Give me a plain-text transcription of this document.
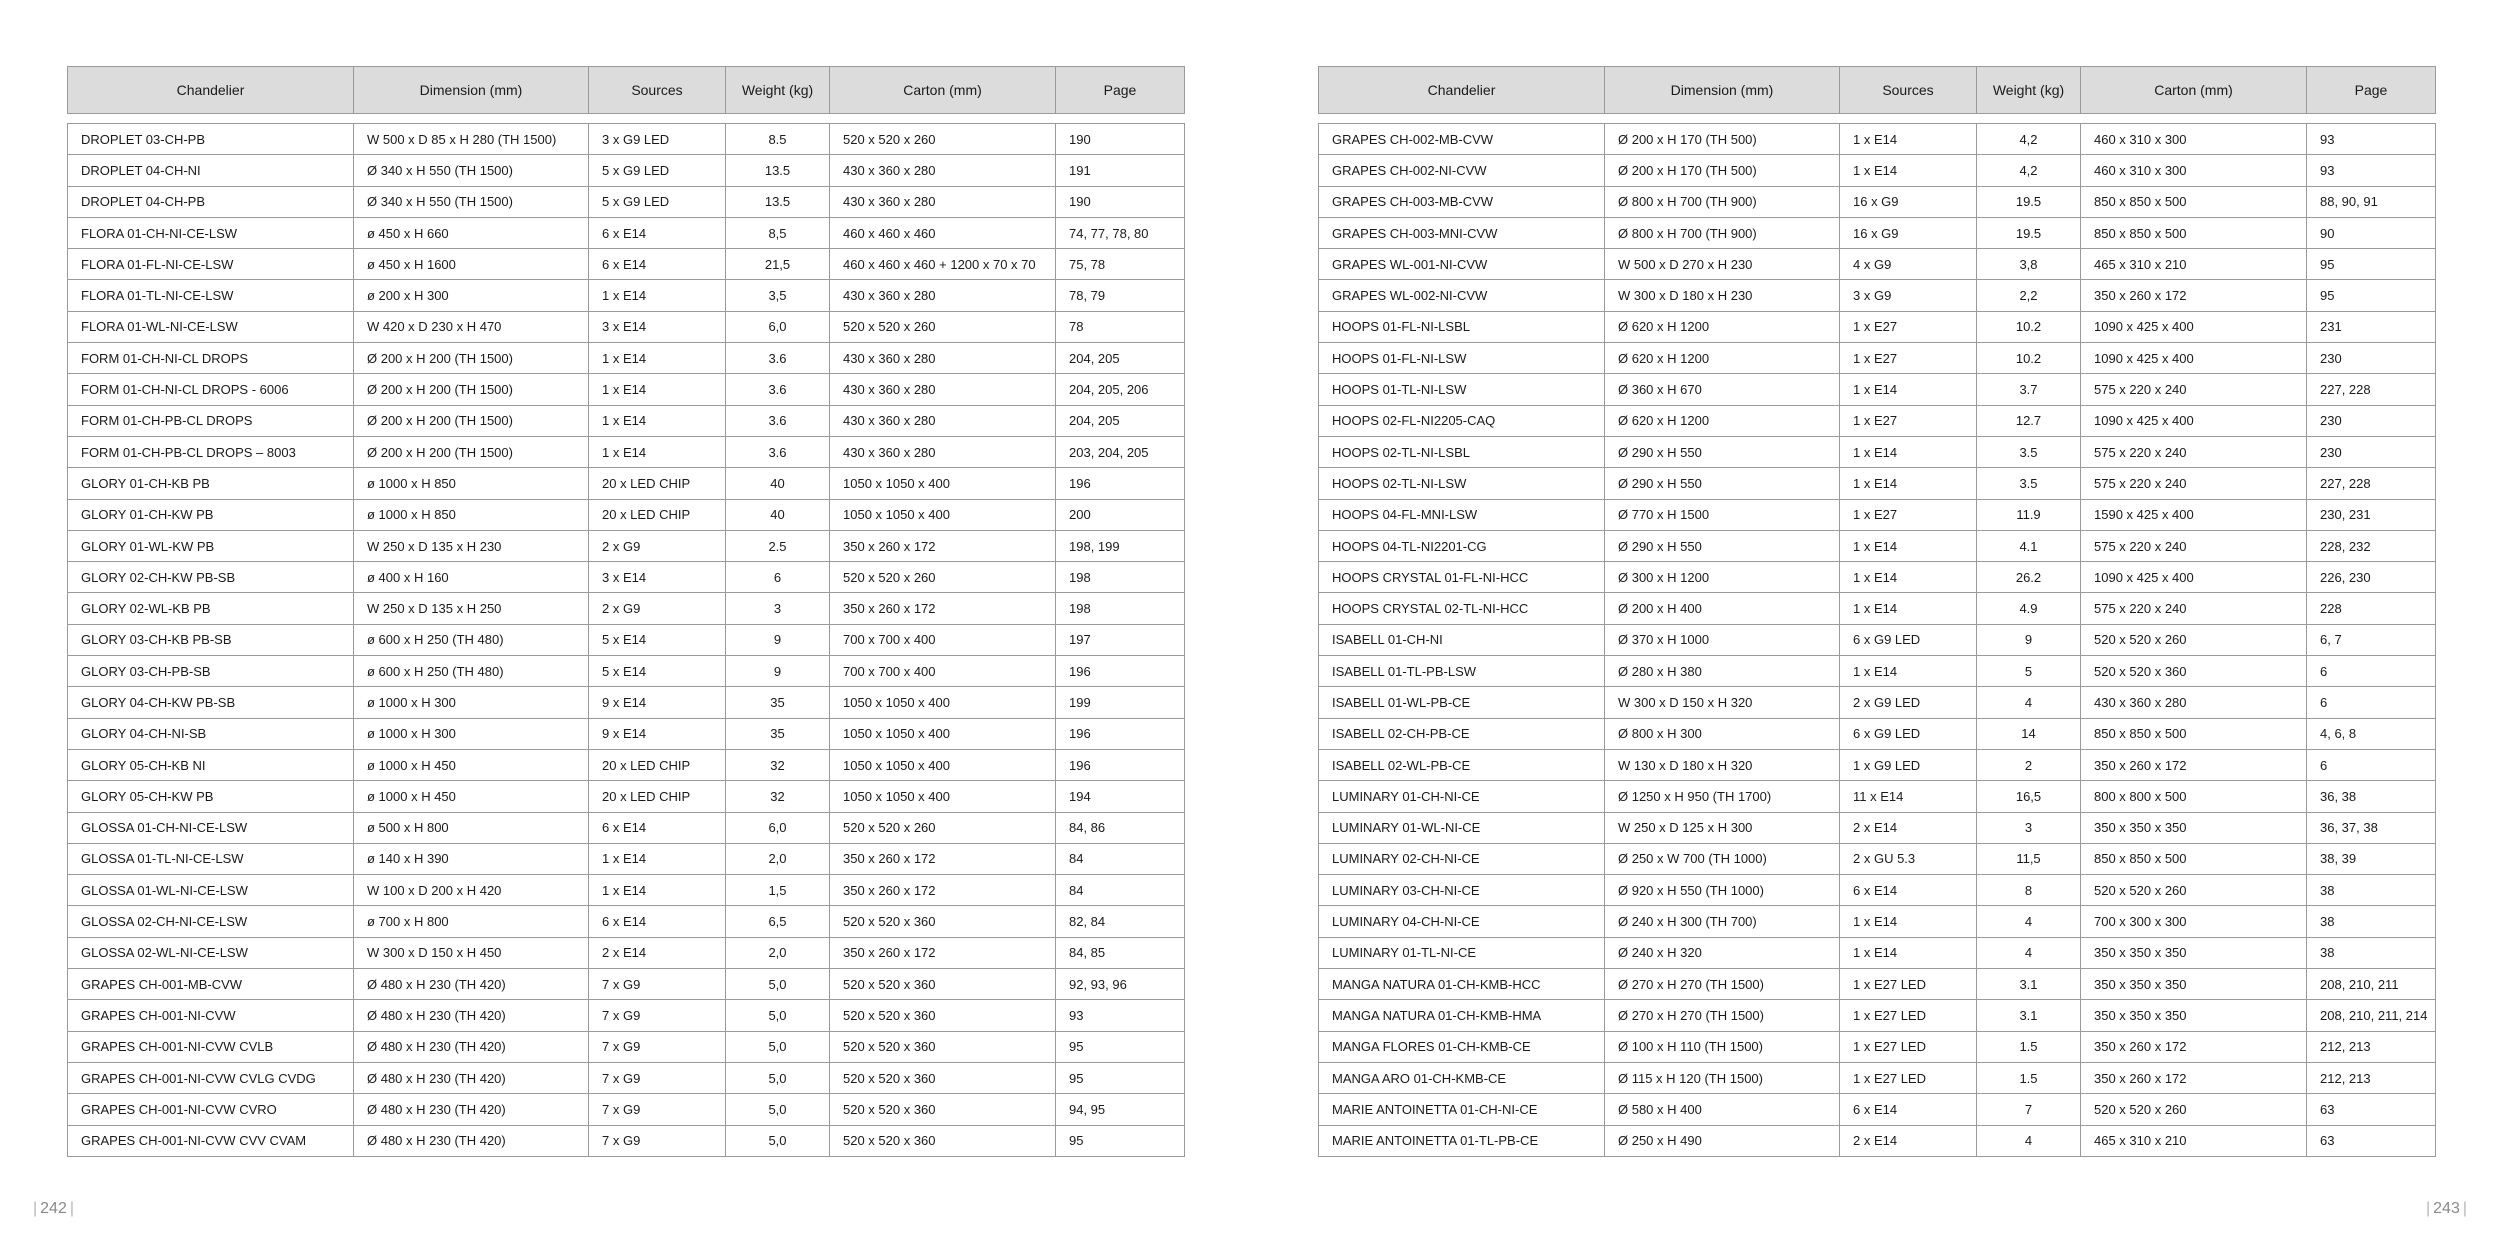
Chandelier	Dimension (mm)	Sources	Weight (kg)	Carton (mm)	Page

DROPLET 03-CH-PB	W 500 x D 85 x H 280 (TH 1500)	3 x G9 LED	8.5	520 x 520 x 260	190
DROPLET 04-CH-NI	Ø 340 x H 550 (TH 1500)	5 x G9 LED	13.5	430 x 360 x 280	191
DROPLET 04-CH-PB	Ø 340 x H 550 (TH 1500)	5 x G9 LED	13.5	430 x 360 x 280	190
FLORA 01-CH-NI-CE-LSW	ø 450 x H 660	6 x E14	8,5	460 x 460 x 460	74, 77, 78, 80
FLORA 01-FL-NI-CE-LSW	ø 450 x H 1600	6 x E14	21,5	460 x 460 x 460 + 1200 x 70 x 70	75, 78
FLORA 01-TL-NI-CE-LSW	ø 200 x H 300	1 x E14	3,5	430 x 360 x 280	78, 79
FLORA 01-WL-NI-CE-LSW	W 420 x D 230 x H 470	3 x E14	6,0	520 x 520 x 260	78
FORM 01-CH-NI-CL DROPS	Ø 200 x H 200 (TH 1500)	1 x E14	3.6	430 x 360 x 280	204, 205
FORM 01-CH-NI-CL DROPS - 6006	Ø 200 x H 200 (TH 1500)	1 x E14	3.6	430 x 360 x 280	204, 205, 206
FORM 01-CH-PB-CL DROPS	Ø 200 x H 200 (TH 1500)	1 x E14	3.6	430 x 360 x 280	204, 205
FORM 01-CH-PB-CL DROPS – 8003	Ø 200 x H 200 (TH 1500)	1 x E14	3.6	430 x 360 x 280	203, 204, 205
GLORY 01-CH-KB PB	ø 1000 x H 850	20 x LED CHIP	40	1050 x 1050 x 400	196
GLORY 01-CH-KW PB	ø 1000 x H 850	20 x LED CHIP	40	1050 x 1050 x 400	200
GLORY 01-WL-KW PB	W 250 x D 135 x H 230	2 x G9	2.5	350 x 260 x 172	198, 199
GLORY 02-CH-KW PB-SB	ø 400 x H 160	3 x E14	6	520 x 520 x 260	198
GLORY 02-WL-KB PB	W 250 x D 135 x H 250	2 x G9	3	350 x 260 x 172	198
GLORY 03-CH-KB PB-SB	ø 600 x H 250 (TH 480)	5 x E14	9	700 x 700 x 400	197
GLORY 03-CH-PB-SB	ø 600 x H 250 (TH 480)	5 x E14	9	700 x 700 x 400	196
GLORY 04-CH-KW PB-SB	ø 1000 x H 300	9 x E14	35	1050 x 1050 x 400	199
GLORY 04-CH-NI-SB	ø 1000 x H 300	9 x E14	35	1050 x 1050 x 400	196
GLORY 05-CH-KB NI	ø 1000 x H 450	20 x LED CHIP	32	1050 x 1050 x 400	196
GLORY 05-CH-KW PB	ø 1000 x H 450	20 x LED CHIP	32	1050 x 1050 x 400	194
GLOSSA 01-CH-NI-CE-LSW	ø 500 x H 800	6 x E14	6,0	520 x 520 x 260	84, 86
GLOSSA 01-TL-NI-CE-LSW	ø 140 x H 390	1 x E14	2,0	350 x 260 x 172	84
GLOSSA 01-WL-NI-CE-LSW	W 100 x D 200 x H 420	1 x E14	1,5	350 x 260 x 172	84
GLOSSA 02-CH-NI-CE-LSW	ø 700 x H 800	6 x E14	6,5	520 x 520 x 360	82, 84
GLOSSA 02-WL-NI-CE-LSW	W 300 x D 150 x H 450	2 x E14	2,0	350 x 260 x 172	84, 85
GRAPES CH-001-MB-CVW	Ø 480 x H 230 (TH 420)	7 x G9	5,0	520 x 520 x 360	92, 93, 96
GRAPES CH-001-NI-CVW	Ø 480 x H 230 (TH 420)	7 x G9	5,0	520 x 520 x 360	93
GRAPES CH-001-NI-CVW CVLB	Ø 480 x H 230 (TH 420)	7 x G9	5,0	520 x 520 x 360	95
GRAPES CH-001-NI-CVW CVLG CVDG	Ø 480 x H 230 (TH 420)	7 x G9	5,0	520 x 520 x 360	95
GRAPES CH-001-NI-CVW CVRO	Ø 480 x H 230 (TH 420)	7 x G9	5,0	520 x 520 x 360	94, 95
GRAPES CH-001-NI-CVW CVV CVAM	Ø 480 x H 230 (TH 420)	7 x G9	5,0	520 x 520 x 360	95
Chandelier	Dimension (mm)	Sources	Weight (kg)	Carton (mm)	Page

GRAPES CH-002-MB-CVW	Ø 200 x H 170 (TH 500)	1 x E14	4,2	460 x 310 x 300	93
GRAPES CH-002-NI-CVW	Ø 200 x H 170 (TH 500)	1 x E14	4,2	460 x 310 x 300	93
GRAPES CH-003-MB-CVW	Ø 800 x H 700 (TH 900)	16 x G9	19.5	850 x 850 x 500	88, 90, 91
GRAPES CH-003-MNI-CVW	Ø 800 x H 700 (TH 900)	16 x G9	19.5	850 x 850 x 500	90
GRAPES WL-001-NI-CVW	W 500 x D 270 x H 230	4 x G9	3,8	465 x 310 x 210	95
GRAPES WL-002-NI-CVW	W 300 x D 180 x H 230	3 x G9	2,2	350 x 260 x 172	95
HOOPS 01-FL-NI-LSBL	Ø 620 x H 1200	1 x E27	10.2	1090 x 425 x 400	231
HOOPS 01-FL-NI-LSW	Ø 620 x H 1200	1 x E27	10.2	1090 x 425 x 400	230
HOOPS 01-TL-NI-LSW	Ø 360 x H 670	1 x E14	3.7	575 x 220 x 240	227, 228
HOOPS 02-FL-NI2205-CAQ	Ø 620 x H 1200	1 x E27	12.7	1090 x 425 x 400	230
HOOPS 02-TL-NI-LSBL	Ø 290 x H 550	1 x E14	3.5	575 x 220 x 240	230
HOOPS 02-TL-NI-LSW	Ø 290 x H 550	1 x E14	3.5	575 x 220 x 240	227, 228
HOOPS 04-FL-MNI-LSW	Ø 770 x H 1500	1 x E27	11.9	1590 x 425 x 400	230, 231
HOOPS 04-TL-NI2201-CG	Ø 290 x H 550	1 x E14	4.1	575 x 220 x 240	228, 232
HOOPS CRYSTAL 01-FL-NI-HCC	Ø 300 x H 1200	1 x E14	26.2	1090 x 425 x 400	226, 230
HOOPS CRYSTAL 02-TL-NI-HCC	Ø 200 x H 400	1 x E14	4.9	575 x 220 x 240	228
ISABELL 01-CH-NI	Ø 370 x H 1000	6 x G9 LED	9	520 x 520 x 260	6, 7
ISABELL 01-TL-PB-LSW	Ø 280 x H 380	1 x E14	5	520 x 520 x 360	6
ISABELL 01-WL-PB-CE	W 300 x D 150 x H 320	2 x G9 LED	4	430 x 360 x 280	6
ISABELL 02-CH-PB-CE	Ø 800 x H 300	6 x G9 LED	14	850 x 850 x 500	4, 6, 8
ISABELL 02-WL-PB-CE	W 130 x D 180 x H 320	1 x G9 LED	2	350 x 260 x 172	6
LUMINARY 01-CH-NI-CE	Ø 1250 x H 950 (TH 1700)	11 x E14	16,5	800 x 800 x 500	36, 38
LUMINARY 01-WL-NI-CE	W 250 x D 125 x H 300	2 x E14	3	350 x 350 x 350	36, 37, 38
LUMINARY 02-CH-NI-CE	Ø 250 x W 700 (TH 1000)	2 x GU 5.3	11,5	850 x 850 x 500	38, 39
LUMINARY 03-CH-NI-CE	Ø 920 x H 550 (TH 1000)	6 x E14	8	520 x 520 x 260	38
LUMINARY 04-CH-NI-CE	Ø 240 x H 300 (TH 700)	1 x E14	4	700 x 300 x 300	38
LUMINARY 01-TL-NI-CE	Ø 240 x H 320	1 x E14	4	350 x 350 x 350	38
MANGA NATURA 01-CH-KMB-HCC	Ø 270 x H 270 (TH 1500)	1 x E27 LED	3.1	350 x 350 x 350	208, 210, 211
MANGA NATURA 01-CH-KMB-HMA	Ø 270 x H 270 (TH 1500)	1 x E27 LED	3.1	350 x 350 x 350	208, 210, 211, 214
MANGA FLORES 01-CH-KMB-CE	Ø 100 x H 110 (TH 1500)	1 x E27 LED	1.5	350 x 260 x 172	212, 213
MANGA ARO 01-CH-KMB-CE	Ø 115 x H 120 (TH 1500)	1 x E27 LED	1.5	350 x 260 x 172	212, 213
MARIE ANTOINETTA 01-CH-NI-CE	Ø 580 x H 400	6 x E14	7	520 x 520 x 260	63
MARIE ANTOINETTA 01-TL-PB-CE	Ø 250 x H 490	2 x E14	4	465 x 310 x 210	63
| 242 |	| 243 |
